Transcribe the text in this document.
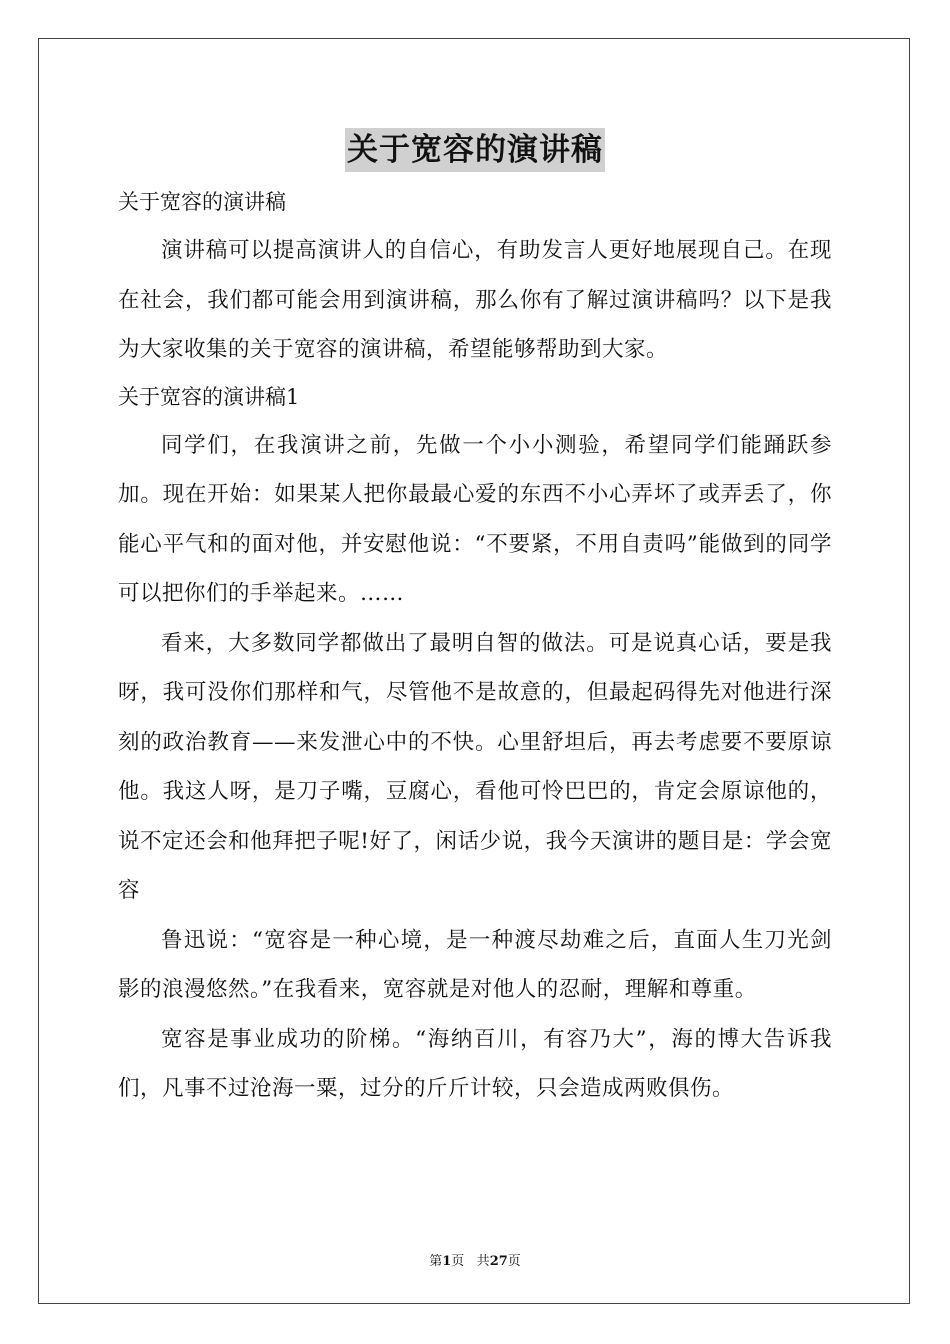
关于宽容的演讲稿

关于宽容的演讲稿

演讲稿可以提高演讲人的自信心，有助发言人更好地展现自己。在现在社会，我们都可能会用到演讲稿，那么你有了解过演讲稿吗？以下是我为大家收集的关于宽容的演讲稿，希望能够帮助到大家。

关于宽容的演讲稿1

同学们，在我演讲之前，先做一个小小测验，希望同学们能踊跃参加。现在开始：如果某人把你最最心爱的东西不小心弄坏了或弄丢了，你能心平气和的面对他，并安慰他说：“不要紧，不用自责吗”能做到的同学可以把你们的手举起来。……

看来，大多数同学都做出了最明自智的做法。可是说真心话，要是我呀，我可没你们那样和气，尽管他不是故意的，但最起码得先对他进行深刻的政治教育——来发泄心中的不快。心里舒坦后，再去考虑要不要原谅他。我这人呀，是刀子嘴，豆腐心，看他可怜巴巴的，肯定会原谅他的，说不定还会和他拜把子呢!好了，闲话少说，我今天演讲的题目是：学会宽容

鲁迅说：“宽容是一种心境，是一种渡尽劫难之后，直面人生刀光剑影的浪漫悠然。”在我看来，宽容就是对他人的忍耐，理解和尊重。

宽容是事业成功的阶梯。“海纳百川，有容乃大”，海的博大告诉我们，凡事不过沧海一粟，过分的斤斤计较，只会造成两败俱伤。

第1页 共27页
